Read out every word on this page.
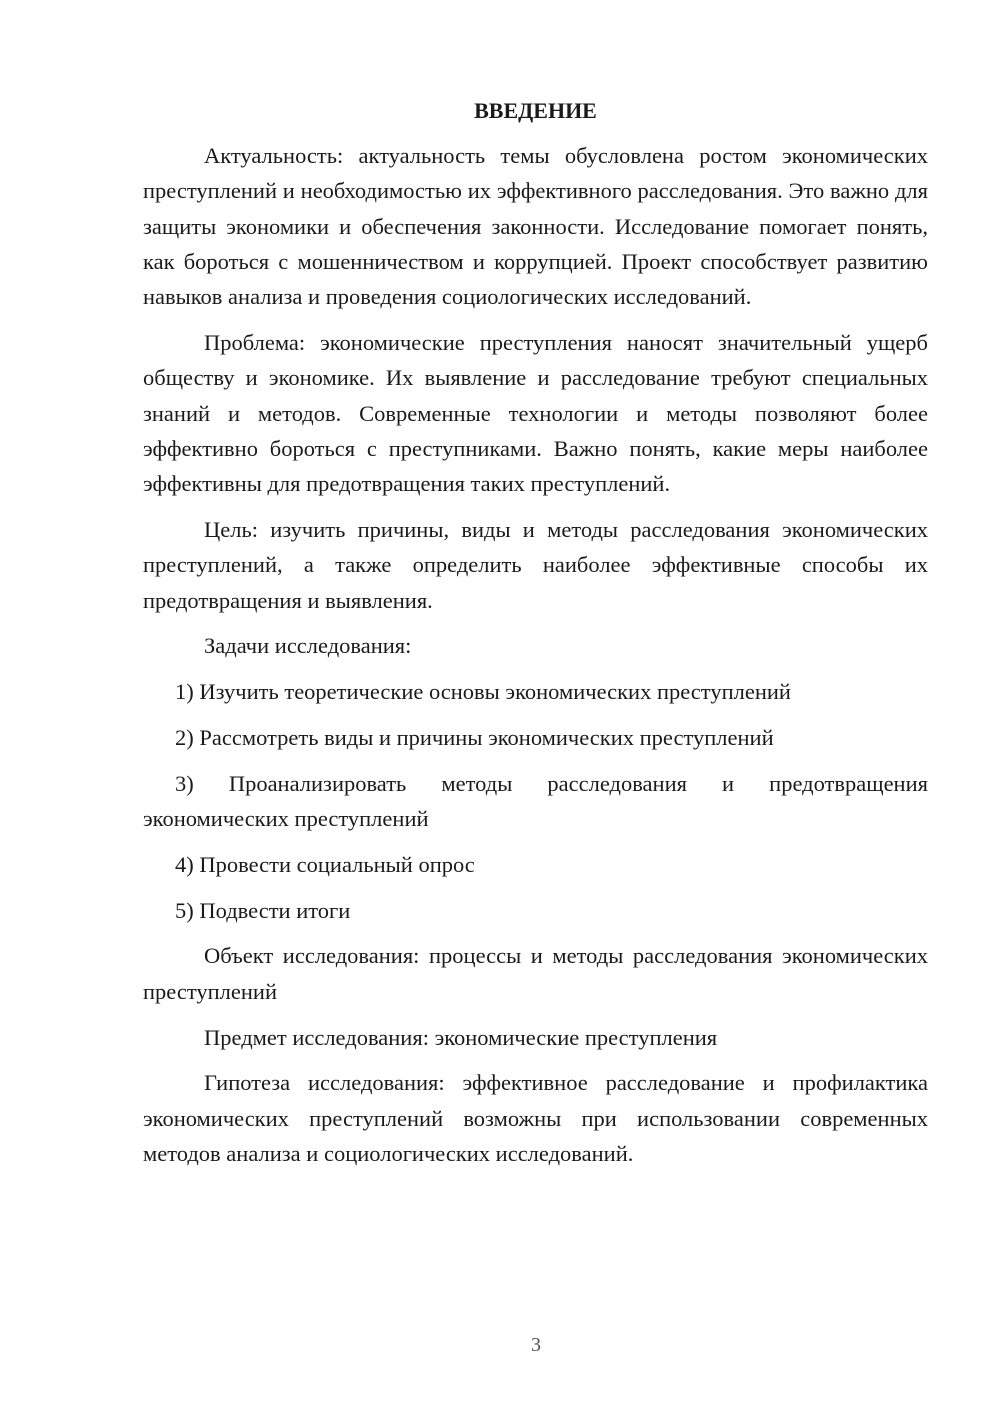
ВВЕДЕНИЕ

Актуальность: актуальность темы обусловлена ростом экономических преступлений и необходимостью их эффективного расследования. Это важно для защиты экономики и обеспечения законности. Исследование помогает понять, как бороться с мошенничеством и коррупцией. Проект способствует развитию навыков анализа и проведения социологических исследований.

Проблема: экономические преступления наносят значительный ущерб обществу и экономике. Их выявление и расследование требуют специальных знаний и методов. Современные технологии и методы позволяют более эффективно бороться с преступниками. Важно понять, какие меры наиболее эффективны для предотвращения таких преступлений.

Цель: изучить причины, виды и методы расследования экономических преступлений, а также определить наиболее эффективные способы их предотвращения и выявления.

Задачи исследования:

1) Изучить теоретические основы экономических преступлений

2) Рассмотреть виды и причины экономических преступлений

3) Проанализировать методы расследования и предотвращения экономических преступлений

4) Провести социальный опрос

5) Подвести итоги

Объект исследования: процессы и методы расследования экономических преступлений

Предмет исследования: экономические преступления

Гипотеза исследования: эффективное расследование и профилактика экономических преступлений возможны при использовании современных методов анализа и социологических исследований.

3
